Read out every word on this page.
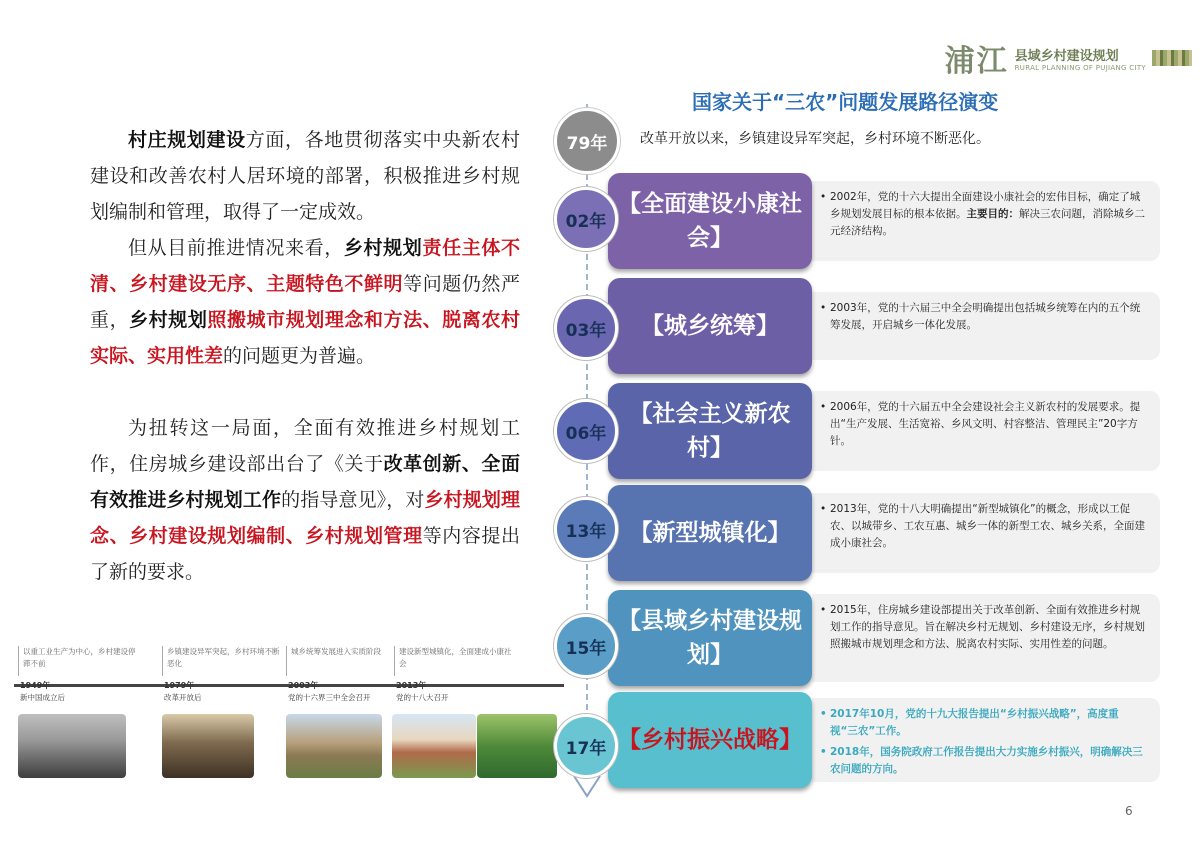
浦江 县域乡村建设规划
RURAL PLANNING OF PUJIANG CITY
国家关于“三农”问题发展路径演变

村庄规划建设方面，各地贯彻落实中央新农村建设和改善农村人居环境的部署，积极推进乡村规划编制和管理，取得了一定成效。

但从目前推进情况来看，乡村规划责任主体不清、乡村建设无序、主题特色不鲜明等问题仍然严重，乡村规划照搬城市规划理念和方法、脱离农村实际、实用性差的问题更为普遍。

为扭转这一局面，全面有效推进乡村规划工作，住房城乡建设部出台了《关于改革创新、全面有效推进乡村规划工作的指导意见》，对乡村规划理念、乡村建设规划编制、乡村规划管理等内容提出了新的要求。

以重工业生产为中心，乡村建设停滞不前
1949年
新中国成立后
乡镇建设异军突起，乡村环境不断恶化
1979年
改革开放后
城乡统筹发展进入实质阶段
2003年
党的十六界三中全会召开
建设新型城镇化，全面建成小康社会
2013年
党的十八大召开
79年	改革开放以来，乡镇建设异军突起，乡村环境不断恶化。

• 2002年，党的十六大提出全面建设小康社会的宏伟目标，确定了城乡规划发展目标的根本依据。主要目的：解决三农问题，消除城乡二元经济结构。

【全面建设小康社会】
02年

• 2003年，党的十六届三中全会明确提出包括城乡统筹在内的五个统筹发展，开启城乡一体化发展。

【城乡统筹】
03年

• 2006年，党的十六届五中全会建设社会主义新农村的发展要求。提出“生产发展、生活宽裕、乡风文明、村容整洁、管理民主”20字方针。

【社会主义新农村】
06年

• 2013年，党的十八大明确提出“新型城镇化”的概念，形成以工促农、以城带乡、工农互惠、城乡一体的新型工农、城乡关系，全面建成小康社会。

【新型城镇化】
13年

• 2015年，住房城乡建设部提出关于改革创新、全面有效推进乡村规划工作的指导意见。旨在解决乡村无规划、乡村建设无序，乡村规划照搬城市规划理念和方法、脱离农村实际、实用性差的问题。

【县域乡村建设规划】
15年

• 2017年10月，党的十九大报告提出“乡村振兴战略”，高度重视“三农”工作。

• 2018年，国务院政府工作报告提出大力实施乡村振兴，明确解决三农问题的方向。

【乡村振兴战略】
17年
6
